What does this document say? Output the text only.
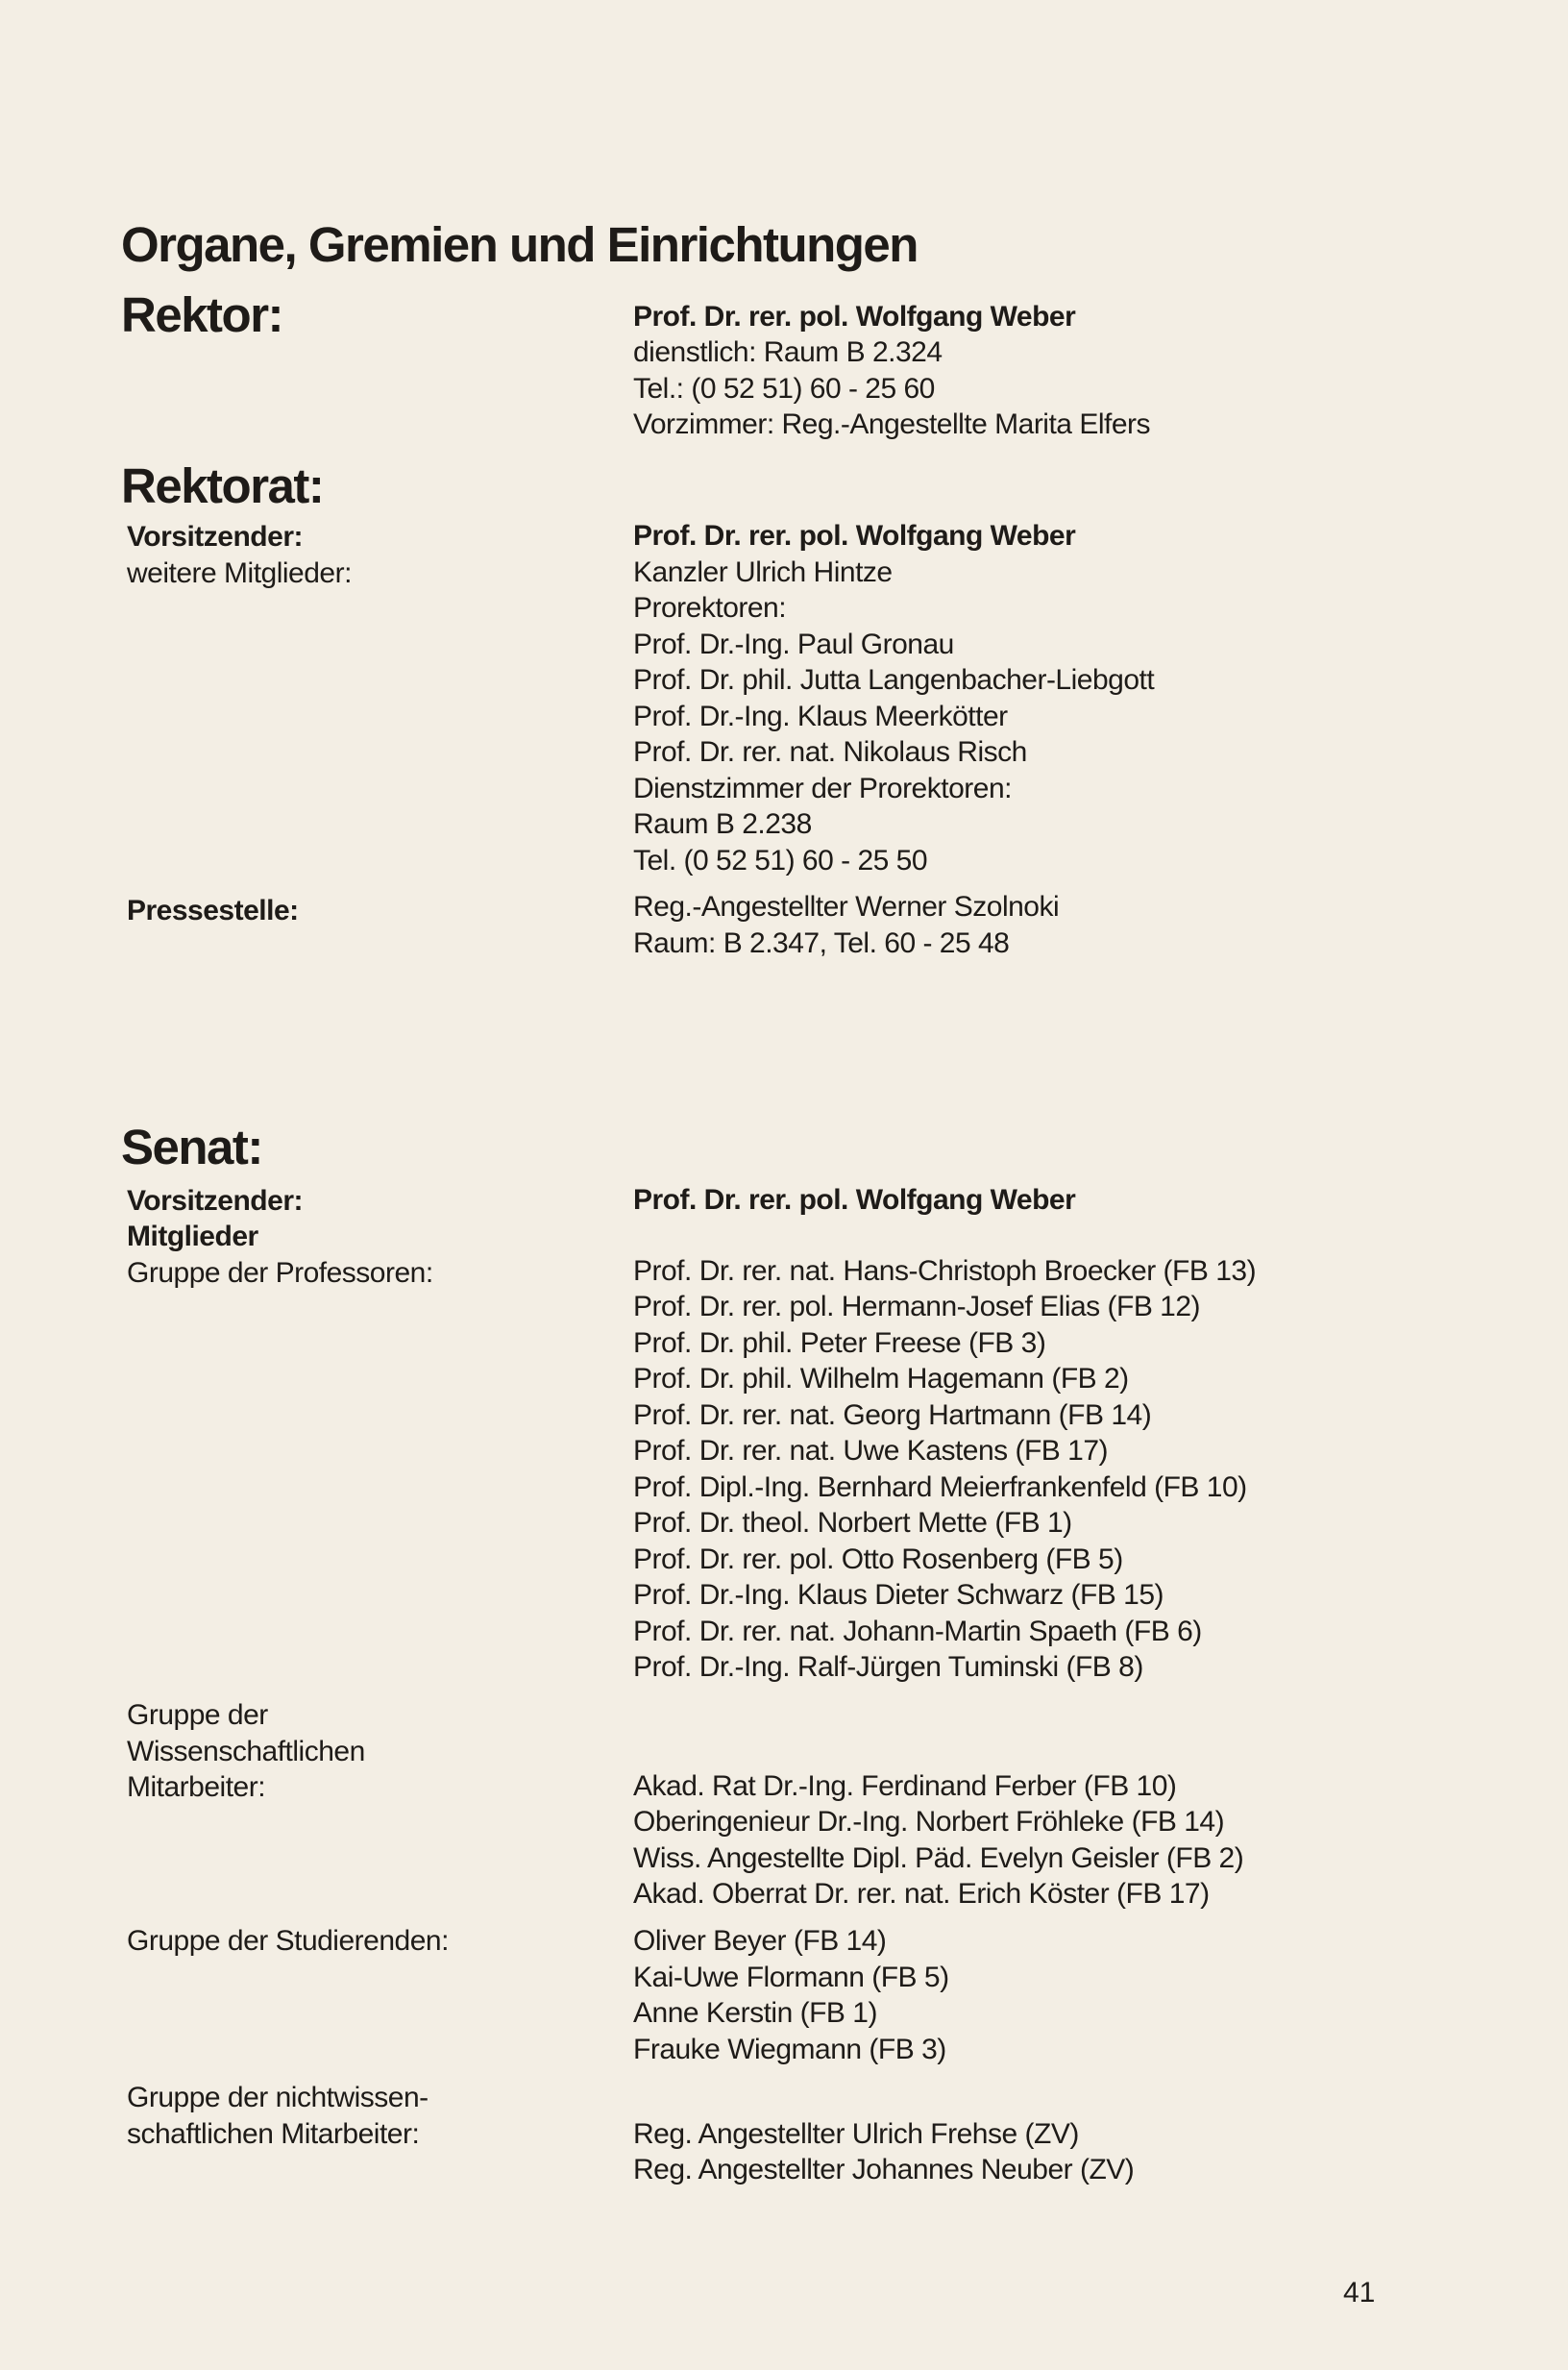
Organe, Gremien und Einrichtungen
Rektor:	Prof. Dr. rer. pol. Wolfgang Weber
dienstlich: Raum B 2.324
Tel.: (0 52 51) 60 - 25 60
Vorzimmer: Reg.-Angestellte Marita Elfers
Rektorat:
Vorsitzender:	Prof. Dr. rer. pol. Wolfgang Weber
weitere Mitglieder:	Kanzler Ulrich Hintze
Prorektoren:
Prof. Dr.-Ing. Paul Gronau
Prof. Dr. phil. Jutta Langenbacher-Liebgott
Prof. Dr.-Ing. Klaus Meerkötter
Prof. Dr. rer. nat. Nikolaus Risch
Dienstzimmer der Prorektoren:
Raum B 2.238
Tel. (0 52 51) 60 - 25 50
Pressestelle:	Reg.-Angestellter Werner Szolnoki
Raum: B 2.347, Tel. 60 - 25 48
Senat:
Vorsitzender:	Prof. Dr. rer. pol. Wolfgang Weber
Mitglieder
Gruppe der Professoren:	Prof. Dr. rer. nat. Hans-Christoph Broecker (FB 13)
Prof. Dr. rer. pol. Hermann-Josef Elias (FB 12)
Prof. Dr. phil. Peter Freese (FB 3)
Prof. Dr. phil. Wilhelm Hagemann (FB 2)
Prof. Dr. rer. nat. Georg Hartmann (FB 14)
Prof. Dr. rer. nat. Uwe Kastens (FB 17)
Prof. Dipl.-Ing. Bernhard Meierfrankenfeld (FB 10)
Prof. Dr. theol. Norbert Mette (FB 1)
Prof. Dr. rer. pol. Otto Rosenberg (FB 5)
Prof. Dr.-Ing. Klaus Dieter Schwarz (FB 15)
Prof. Dr. rer. nat. Johann-Martin Spaeth (FB 6)
Prof. Dr.-Ing. Ralf-Jürgen Tuminski (FB 8)
Gruppe der
Wissenschaftlichen
Mitarbeiter:	Akad. Rat Dr.-Ing. Ferdinand Ferber (FB 10)
Oberingenieur Dr.-Ing. Norbert Fröhleke (FB 14)
Wiss. Angestellte Dipl. Päd. Evelyn Geisler (FB 2)
Akad. Oberrat Dr. rer. nat. Erich Köster (FB 17)
Gruppe der Studierenden:	Oliver Beyer (FB 14)
Kai-Uwe Flormann (FB 5)
Anne Kerstin (FB 1)
Frauke Wiegmann (FB 3)
Gruppe der nichtwissen-
schaftlichen Mitarbeiter:	Reg. Angestellter Ulrich Frehse (ZV)
Reg. Angestellter Johannes Neuber (ZV)
41
